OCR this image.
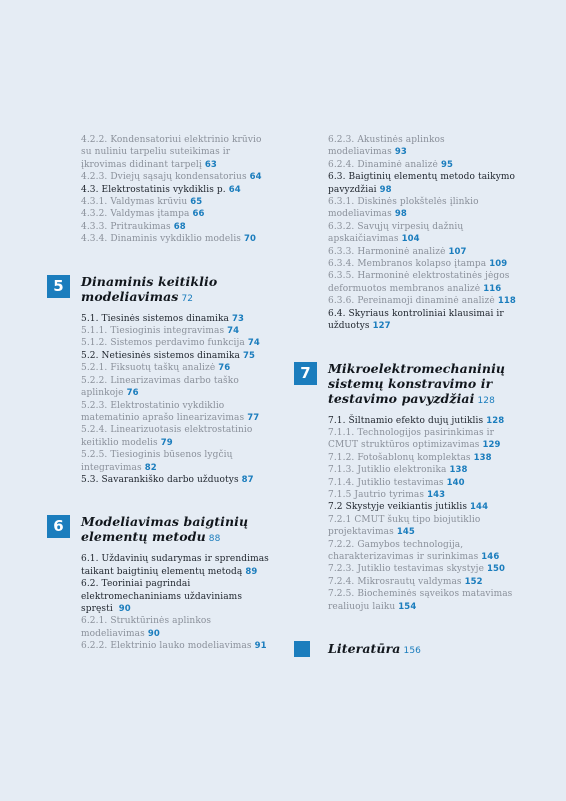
4.2.2. Kondensatoriui elektrinio krūvio
su nuliniu tarpeliu suteikimas ir
įkrovimas didinant tarpelį 63
4.2.3. Dviejų sąsajų kondensatorius 64
4.3. Elektrostatinis vykdiklis p. 64
4.3.1. Valdymas krūviu 65
4.3.2. Valdymas įtampa 66
4.3.3. Pritraukimas 68
4.3.4. Dinaminis vykdiklio modelis 70
5	Dinaminis keitiklio
modeliavimas 72
5.1. Tiesinės sistemos dinamika 73
5.1.1. Tiesioginis integravimas 74
5.1.2. Sistemos perdavimo funkcija 74
5.2. Netiesinės sistemos dinamika 75
5.2.1. Fiksuotų taškų analizė 76
5.2.2. Linearizavimas darbo taško
aplinkoje 76
5.2.3. Elektrostatinio vykdiklio
matematinio aprašo linearizavimas 77
5.2.4. Linearizuotasis elektrostatinio
keitiklio modelis 79
5.2.5. Tiesioginis būsenos lygčių
integravimas 82
5.3. Savarankiško darbo užduotys 87
6	Modeliavimas baigtinių
elementų metodu 88
6.1. Uždavinių sudarymas ir sprendimas
taikant baigtinių elementų metodą 89
6.2. Teoriniai pagrindai
elektromechaniniams uždaviniams
spręsti 90
6.2.1. Struktūrinės aplinkos
modeliavimas 90
6.2.2. Elektrinio lauko modeliavimas 91
6.2.3. Akustinės aplinkos
modeliavimas 93
6.2.4. Dinaminė analizė 95
6.3. Baigtinių elementų metodo taikymo
pavyzdžiai 98
6.3.1. Diskinės plokštelės įlinkio
modeliavimas 98
6.3.2. Savųjų virpesių dažnių
apskaičiavimas 104
6.3.3. Harmoninė analizė 107
6.3.4. Membranos kolapso įtampa 109
6.3.5. Harmoninė elektrostatinės jėgos
deformuotos membranos analizė 116
6.3.6. Pereinamoji dinaminė analizė 118
6.4. Skyriaus kontroliniai klausimai ir
užduotys 127
7	Mikroelektromechaninių
sistemų konstravimo ir
testavimo pavyzdžiai 128
7.1. Šiltnamio efekto dujų jutiklis 128
7.1.1. Technologijos pasirinkimas ir
CMUT struktūros optimizavimas 129
7.1.2. Fotošablonų komplektas 138
7.1.3. Jutiklio elektronika 138
7.1.4. Jutiklio testavimas 140
7.1.5 Jautrio tyrimas 143
7.2 Skystyje veikiantis jutiklis 144
7.2.1 CMUT šukų tipo biojutiklio
projektavimas 145
7.2.2. Gamybos technologija,
charakterizavimas ir surinkimas 146
7.2.3. Jutiklio testavimas skystyje 150
7.2.4. Mikrosrautų valdymas 152
7.2.5. Biocheminės sąveikos matavimas
realiuoju laiku 154
Literatūra 156
